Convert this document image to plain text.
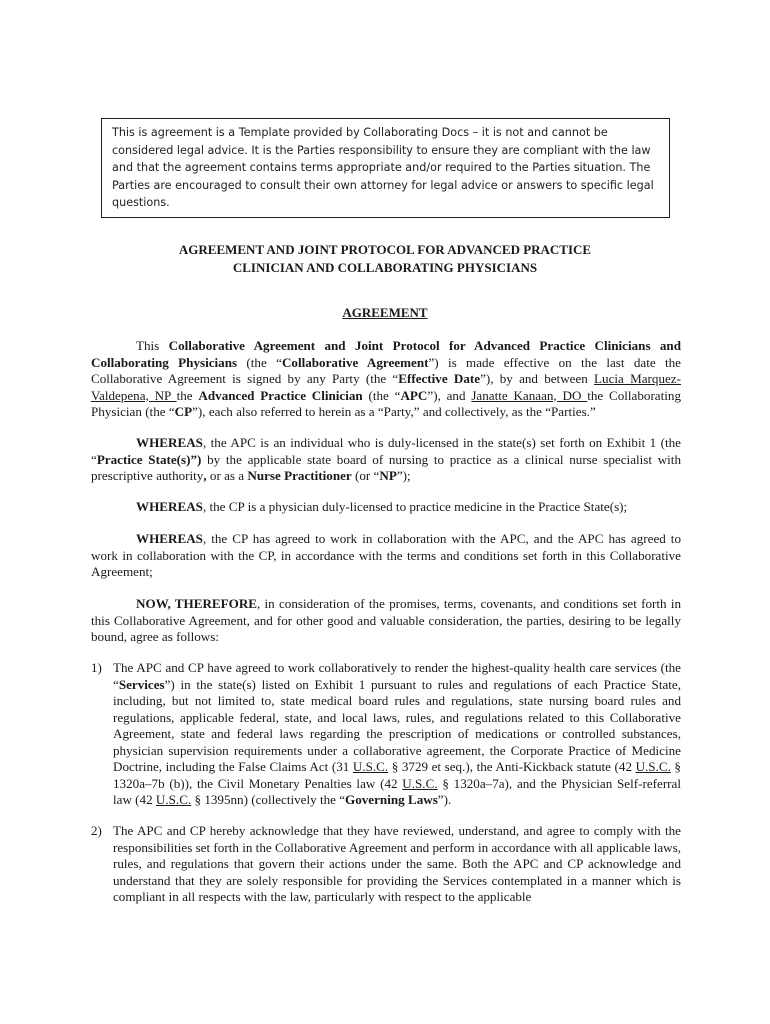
This is agreement is a Template provided by Collaborating Docs – it is not and cannot be considered legal advice. It is the Parties responsibility to ensure they are compliant with the law and that the agreement contains terms appropriate and/or required to the Parties situation. The Parties are encouraged to consult their own attorney for legal advice or answers to specific legal questions.
AGREEMENT AND JOINT PROTOCOL FOR ADVANCED PRACTICE
CLINICIAN AND COLLABORATING PHYSICIANS
AGREEMENT
This Collaborative Agreement and Joint Protocol for Advanced Practice Clinicians and Collaborating Physicians (the “Collaborative Agreement”) is made effective on the last date the Collaborative Agreement is signed by any Party (the “Effective Date”), by and between Lucia Marquez-Valdepena, NP the Advanced Practice Clinician (the “APC”), and Janatte Kanaan, DO the Collaborating Physician (the “CP”), each also referred to herein as a “Party,” and collectively, as the “Parties.”
WHEREAS, the APC is an individual who is duly-licensed in the state(s) set forth on Exhibit 1 (the “Practice State(s)”) by the applicable state board of nursing to practice as a clinical nurse specialist with prescriptive authority, or as a Nurse Practitioner (or “NP”);
WHEREAS, the CP is a physician duly-licensed to practice medicine in the Practice State(s);
WHEREAS, the CP has agreed to work in collaboration with the APC, and the APC has agreed to work in collaboration with the CP, in accordance with the terms and conditions set forth in this Collaborative Agreement;
NOW, THEREFORE, in consideration of the promises, terms, covenants, and conditions set forth in this Collaborative Agreement, and for other good and valuable consideration, the parties, desiring to be legally bound, agree as follows:
1) The APC and CP have agreed to work collaboratively to render the highest-quality health care services (the “Services”) in the state(s) listed on Exhibit 1 pursuant to rules and regulations of each Practice State, including, but not limited to, state medical board rules and regulations, state nursing board rules and regulations, applicable federal, state, and local laws, rules, and regulations related to this Collaborative Agreement, state and federal laws regarding the prescription of medications or controlled substances, physician supervision requirements under a collaborative agreement, the Corporate Practice of Medicine Doctrine, including the False Claims Act (31 U.S.C. § 3729 et seq.), the Anti-Kickback statute (42 U.S.C. § 1320a–7b (b)), the Civil Monetary Penalties law (42 U.S.C. § 1320a–7a), and the Physician Self-referral law (42 U.S.C. § 1395nn) (collectively the “Governing Laws”).
2) The APC and CP hereby acknowledge that they have reviewed, understand, and agree to comply with the responsibilities set forth in the Collaborative Agreement and perform in accordance with all applicable laws, rules, and regulations that govern their actions under the same. Both the APC and CP acknowledge and understand that they are solely responsible for providing the Services contemplated in a manner which is compliant in all respects with the law, particularly with respect to the applicable
